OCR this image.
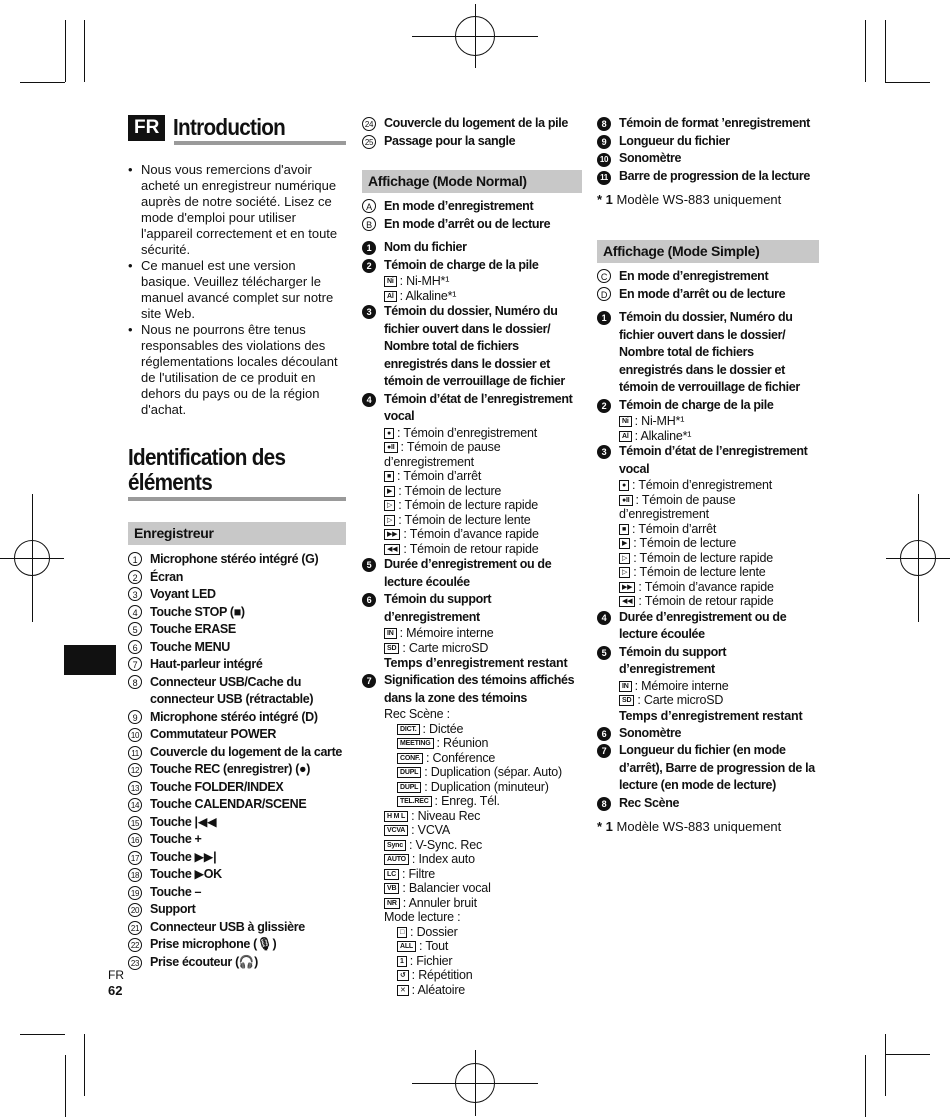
FR Introduction
• Nous vous remercions d'avoir acheté un enregistreur numérique auprès de notre société. Lisez ce mode d'emploi pour utiliser l'appareil correctement et en toute sécurité.
• Ce manuel est une version basique. Veuillez télécharger le manuel avancé complet sur notre site Web.
• Nous ne pourrons être tenus responsables des violations des réglementations locales découlant de l'utilisation de ce produit en dehors du pays ou de la région d'achat.
Identification des éléments
Enregistreur
1	Microphone stéréo intégré (G)
2	Écran
3	Voyant LED
4	Touche STOP (■)
5	Touche ERASE
6	Touche MENU
7	Haut-parleur intégré
8	Connecteur USB/Cache du connecteur USB (rétractable)
9	Microphone stéréo intégré (D)
10 Commutateur POWER
11 Couvercle du logement de la carte
12 Touche REC (enregistrer) (●)
13 Touche FOLDER/INDEX
14 Touche CALENDAR/SCENE
15 Touche |◀◀
16 Touche +
17 Touche ▶▶|
18 Touche ▶OK
19 Touche –
20 Support
21 Connecteur USB à glissière
22 Prise microphone (🎙)
23 Prise écouteur (🎧)
FR
62
24 Couvercle du logement de la pile
25 Passage pour la sangle
Affichage (Mode Normal)
A En mode d’enregistrement
B En mode d’arrêt ou de lecture
1	Nom du fichier
2	Témoin de charge de la pile
Ni : Ni-MH*¹
Al : Alkaline*¹
3	Témoin du dossier, Numéro du fichier ouvert dans le dossier/ Nombre total de fichiers enregistrés dans le dossier et témoin de verrouillage de fichier
4	Témoin d’état de l’enregistrement vocal
● : Témoin d’enregistrement
●II : Témoin de pause d’enregistrement
■ : Témoin d’arrêt
▶ : Témoin de lecture
▷ : Témoin de lecture rapide
▷ : Témoin de lecture lente
▶▶ : Témoin d’avance rapide
◀◀ : Témoin de retour rapide
5	Durée d’enregistrement ou de lecture écoulée
6	Témoin du support d’enregistrement
IN : Mémoire interne
SD : Carte microSD
Temps d’enregistrement restant
7	Signification des témoins affichés dans la zone des témoins
Rec Scène :
DICT. : Dictée
MEETING : Réunion
CONF. : Conférence
DUPL : Duplication (sépar. Auto)
DUPL : Duplication (minuteur)
TEL.REC : Enreg. Tél.
H M L : Niveau Rec
VCVA : VCVA
Sync : V-Sync. Rec
AUTO : Index auto
LC : Filtre
VB : Balancier vocal
NR : Annuler bruit
Mode lecture :
□ : Dossier
ALL : Tout
1 : Fichier
↺ : Répétition
✕ : Aléatoire
8	Témoin de format ’enregistrement
9	Longueur du fichier
10 Sonomètre
11 Barre de progression de la lecture
* 1 Modèle WS-883 uniquement
Affichage (Mode Simple)
C En mode d’enregistrement
D En mode d’arrêt ou de lecture
1	Témoin du dossier, Numéro du fichier ouvert dans le dossier/ Nombre total de fichiers enregistrés dans le dossier et témoin de verrouillage de fichier
2	Témoin de charge de la pile
Ni : Ni-MH*¹
Al : Alkaline*¹
3	Témoin d’état de l’enregistrement vocal
● : Témoin d’enregistrement
●II : Témoin de pause d’enregistrement
■ : Témoin d’arrêt
▶ : Témoin de lecture
▷ : Témoin de lecture rapide
▷ : Témoin de lecture lente
▶▶ : Témoin d’avance rapide
◀◀ : Témoin de retour rapide
4	Durée d’enregistrement ou de lecture écoulée
5	Témoin du support d’enregistrement
IN : Mémoire interne
SD : Carte microSD
Temps d’enregistrement restant
6	Sonomètre
7	Longueur du fichier (en mode d’arrêt), Barre de progression de la lecture (en mode de lecture)
8	Rec Scène
* 1 Modèle WS-883 uniquement
